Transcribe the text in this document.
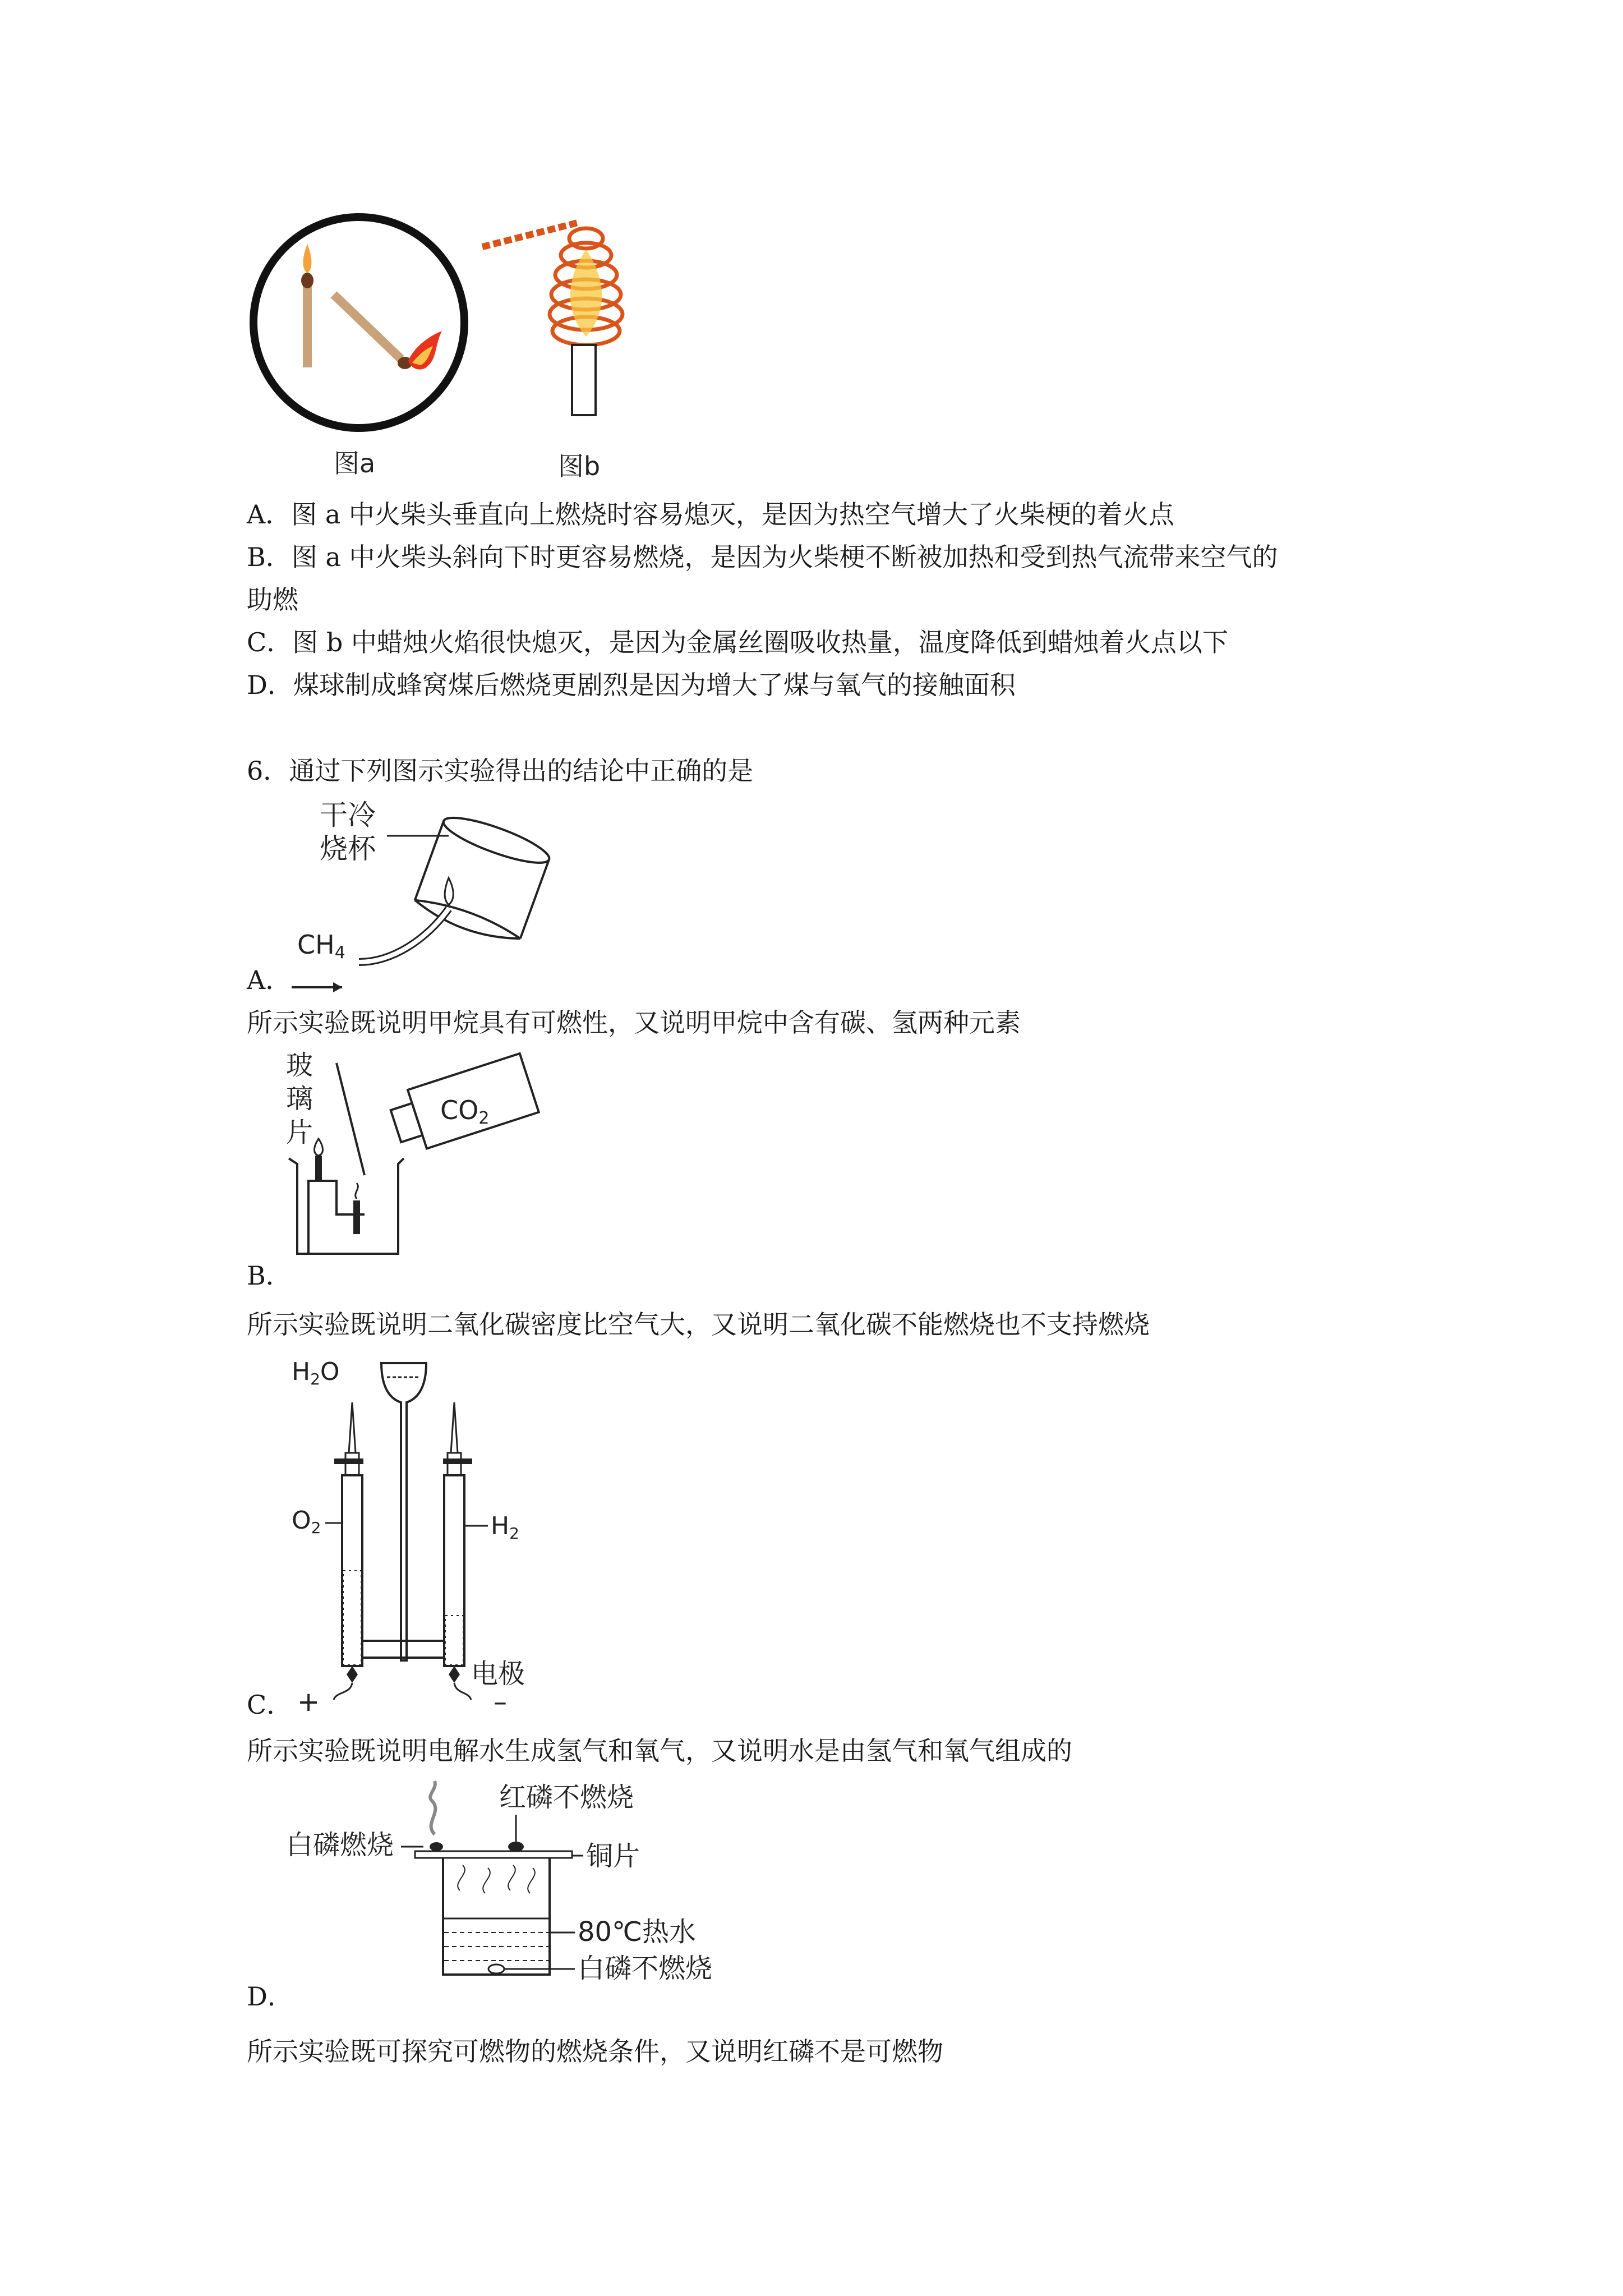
图a	图b
A．图 a 中火柴头垂直向上燃烧时容易熄灭，是因为热空气增大了火柴梗的着火点
B．图 a 中火柴头斜向下时更容易燃烧，是因为火柴梗不断被加热和受到热气流带来空气的
助燃
C．图 b 中蜡烛火焰很快熄灭，是因为金属丝圈吸收热量，温度降低到蜡烛着火点以下
D．煤球制成蜂窝煤后燃烧更剧烈是因为增大了煤与氧气的接触面积
6．通过下列图示实验得出的结论中正确的是
干冷
烧杯
CH4
A．
所示实验既说明甲烷具有可燃性，又说明甲烷中含有碳、氢两种元素
玻
璃
片
CO2
B．
所示实验既说明二氧化碳密度比空气大，又说明二氧化碳不能燃烧也不支持燃烧
H2O
O2	H2
电极
+	–
C．
所示实验既说明电解水生成氢气和氧气，又说明水是由氢气和氧气组成的
红磷不燃烧
白磷燃烧	铜片
80℃热水
白磷不燃烧
D．
所示实验既可探究可燃物的燃烧条件，又说明红磷不是可燃物
